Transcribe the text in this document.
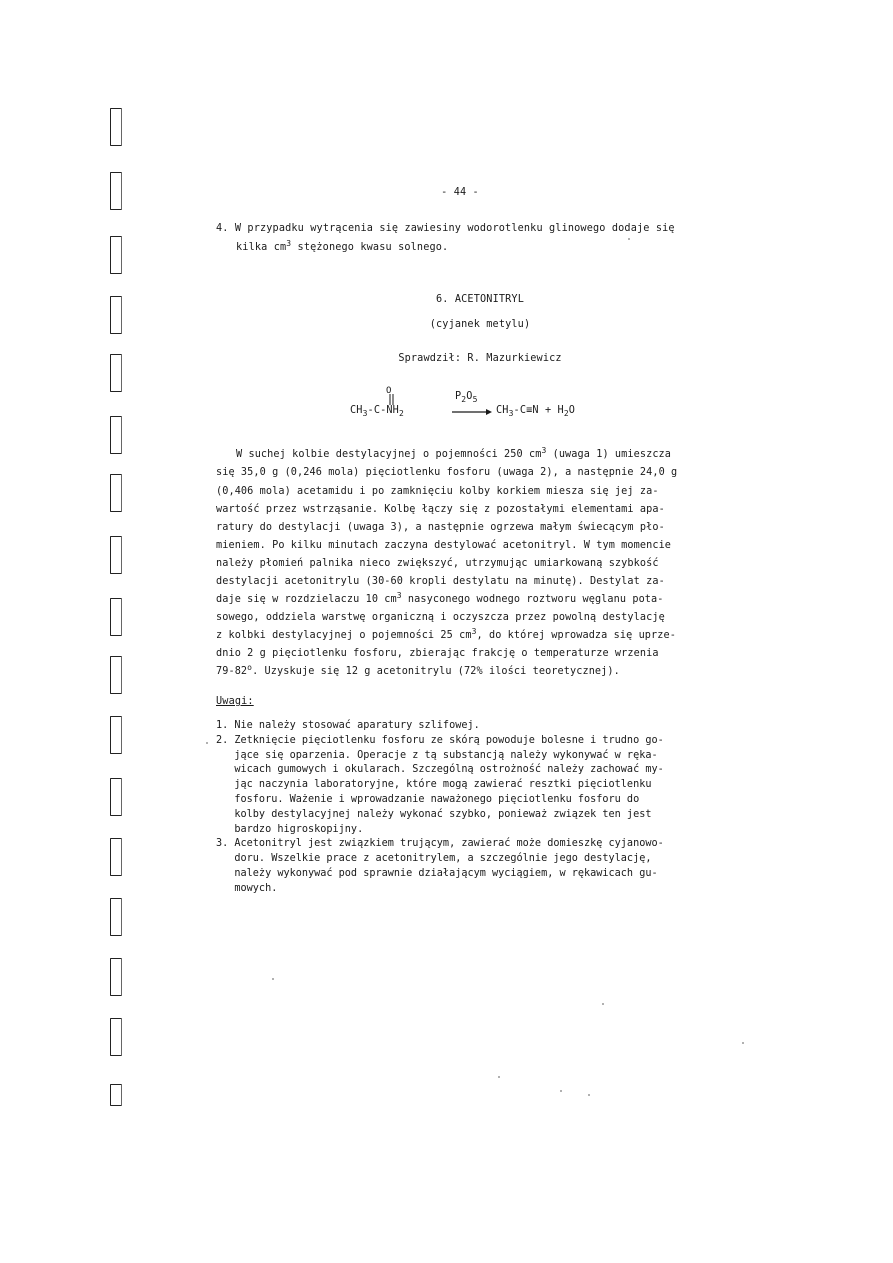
- 44 -
4. W przypadku wytrącenia się zawiesiny wodorotlenku glinowego dodaje się
kilka $cm^3$ stężonego kwasu solnego.
6. ACETONITRYL
(cyjanek metylu)
Sprawdził: R. Mazurkiewicz
O
$CH_3-C-NH_2$
$P_2O_5$
→ $CH_3-C\equiv N + H_2O$
W suchej kolbie destylacyjnej o pojemności 250 $cm^3$ (uwaga 1) umieszcza
się 35,0 g (0,246 mola) pięciotlenku fosforu (uwaga 2), a następnie 24,0 g
(0,406 mola) acetamidu i po zamknięciu kolby korkiem miesza się jej za-
wartość przez wstrząsanie. Kolbę łączy się z pozostałymi elementami apa-
ratury do destylacji (uwaga 3), a następnie ogrzewa małym świecącym pło-
mieniem. Po kilku minutach zaczyna destylować acetonitryl. W tym momencie
należy płomień palnika nieco zwiększyć, utrzymując umiarkowaną szybkość
destylacji acetonitrylu (30-60 kropli destylatu na minutę). Destylat za-
daje się w rozdzielaczu 10 $cm^3$ nasyconego wodnego roztworu węglanu pota-
sowego, oddziela warstwę organiczną i oczyszcza przez powolną destylację
z kolbki destylacyjnej o pojemności 25 $cm^3$, do której wprowadza się uprze-
dnio 2 g pięciotlenku fosforu, zbierając frakcję o temperaturze wrzenia
79-82$^o$. Uzyskuje się 12 g acetonitrylu (72% ilości teoretycznej).
Uwagi:

1. Nie należy stosować aparatury szlifowej.

2. Zetknięcie pięciotlenku fosforu ze skórą powoduje bolesne i trudno go-

jące się oparzenia. Operacje z tą substancją należy wykonywać w ręka-

wicach gumowych i okularach. Szczególną ostrożność należy zachować my-

jąc naczynia laboratoryjne, które mogą zawierać resztki pięciotlenku

fosforu. Ważenie i wprowadzanie naważonego pięciotlenku fosforu do

kolby destylacyjnej należy wykonać szybko, ponieważ związek ten jest

bardzo higroskopijny.

3. Acetonitryl jest związkiem trującym, zawierać może domieszkę cyjanowo-

doru. Wszelkie prace z acetonitrylem, a szczególnie jego destylację,

należy wykonywać pod sprawnie działającym wyciągiem, w rękawicach gu-

mowych.
